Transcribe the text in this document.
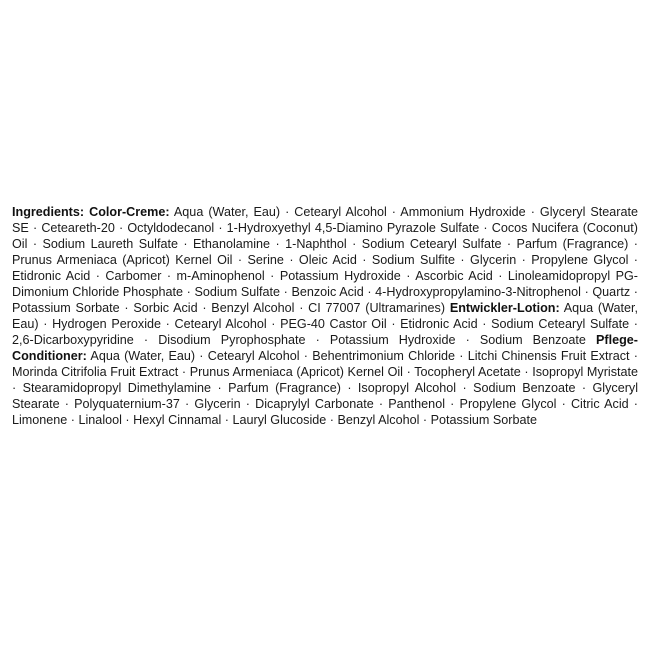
Ingredients: Color-Creme: Aqua (Water, Eau) · Cetearyl Alcohol · Ammonium Hydroxide · Glyceryl Stearate SE · Ceteareth-20 · Octyldodecanol · 1-Hydroxyethyl 4,5-Diamino Pyrazole Sulfate · Cocos Nucifera (Coconut) Oil · Sodium Laureth Sulfate · Ethanolamine · 1-Naphthol · Sodium Cetearyl Sulfate · Parfum (Fragrance) · Prunus Armeniaca (Apricot) Kernel Oil · Serine · Oleic Acid · Sodium Sulfite · Glycerin · Propylene Glycol · Etidronic Acid · Carbomer · m-Aminophenol · Potassium Hydroxide · Ascorbic Acid · Linoleamidopropyl PG-Dimonium Chloride Phosphate · Sodium Sulfate · Benzoic Acid · 4-Hydroxypropylamino-3-Nitrophenol · Quartz · Potassium Sorbate · Sorbic Acid · Benzyl Alcohol · CI 77007 (Ultramarines) Entwickler-Lotion: Aqua (Water, Eau) · Hydrogen Peroxide · Cetearyl Alcohol · PEG-40 Castor Oil · Etidronic Acid · Sodium Cetearyl Sulfate · 2,6-Dicarboxypyridine · Disodium Pyrophosphate · Potassium Hydroxide · Sodium Benzoate Pflege-Conditioner: Aqua (Water, Eau) · Cetearyl Alcohol · Behentrimonium Chloride · Litchi Chinensis Fruit Extract · Morinda Citrifolia Fruit Extract · Prunus Armeniaca (Apricot) Kernel Oil · Tocopheryl Acetate · Isopropyl Myristate · Stearamidopropyl Dimethylamine · Parfum (Fragrance) · Isopropyl Alcohol · Sodium Benzoate · Glyceryl Stearate · Polyquaternium-37 · Glycerin · Dicaprylyl Carbonate · Panthenol · Propylene Glycol · Citric Acid · Limonene · Linalool · Hexyl Cinnamal · Lauryl Glucoside · Benzyl Alcohol · Potassium Sorbate
